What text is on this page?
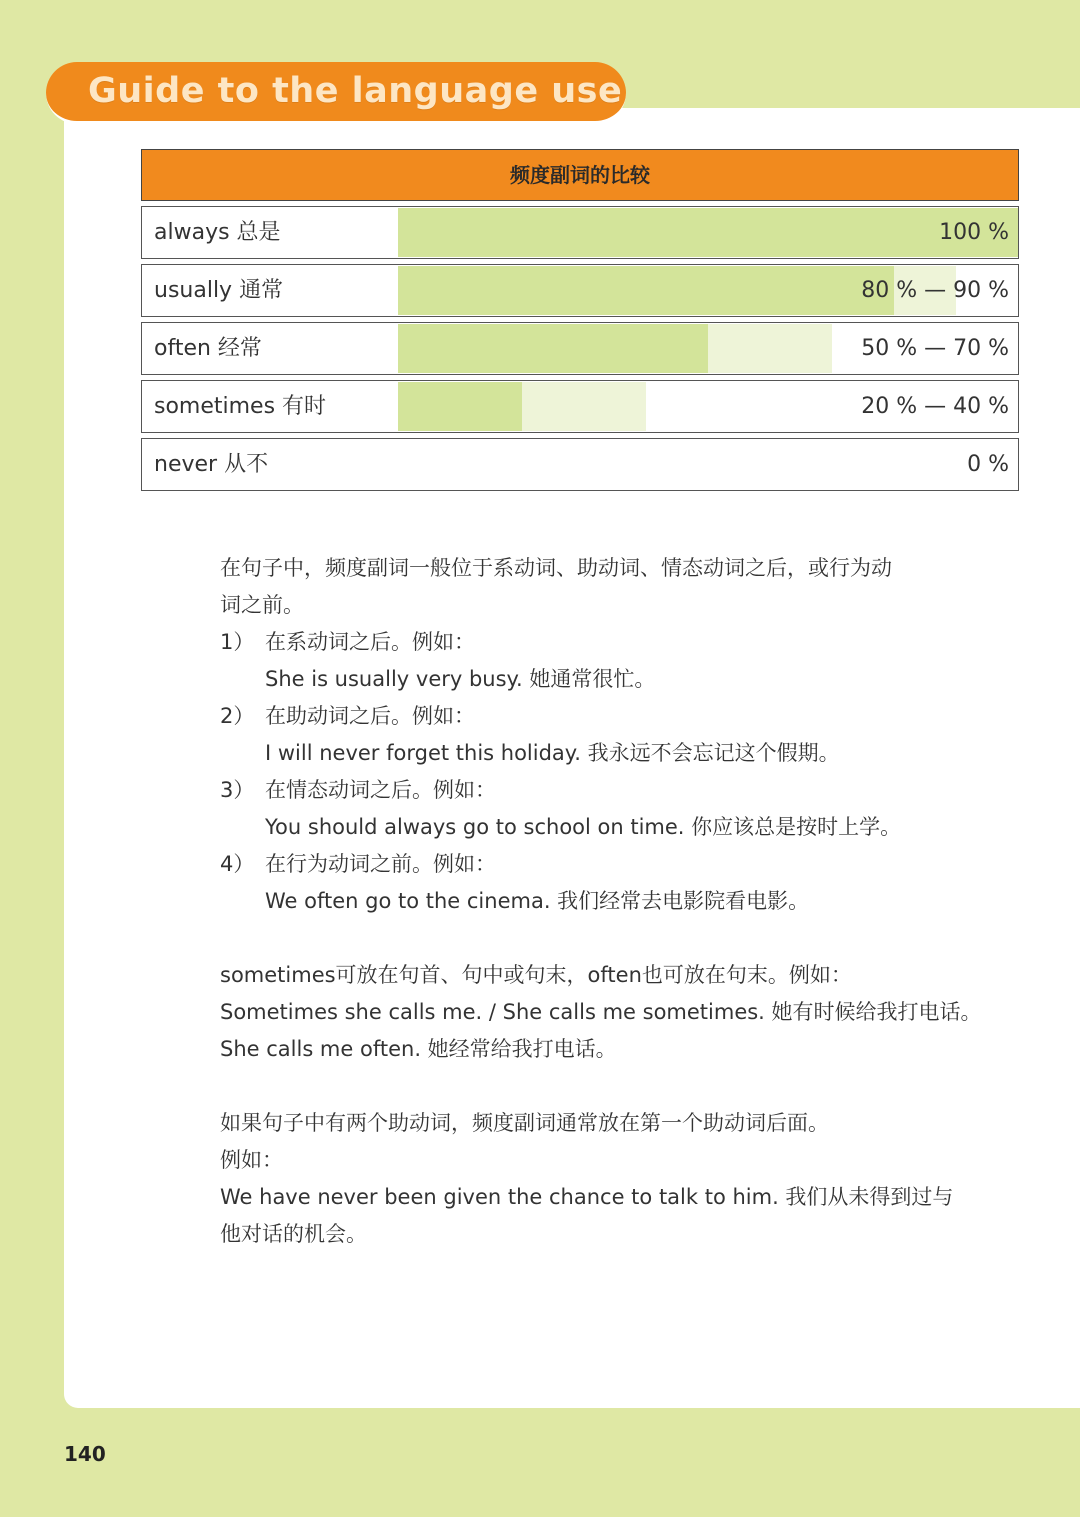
Guide to the language use
频度副词的比较
always 总是	100 %
usually 通常	80 % — 90 %
often 经常	50 % — 70 %
sometimes 有时	20 % — 40 %
never 从不	0 %

在句子中，频度副词一般位于系动词、助动词、情态动词之后，或行为动

词之前。

1） 在系动词之后。例如：

She is usually very busy. 她通常很忙。

2） 在助动词之后。例如：

I will never forget this holiday. 我永远不会忘记这个假期。

3） 在情态动词之后。例如：

You should always go to school on time. 你应该总是按时上学。

4） 在行为动词之前。例如：

We often go to the cinema. 我们经常去电影院看电影。

sometimes可放在句首、句中或句末，often也可放在句末。例如：

Sometimes she calls me. / She calls me sometimes. 她有时候给我打电话。

She calls me often. 她经常给我打电话。

如果句子中有两个助动词，频度副词通常放在第一个助动词后面。

例如：

We have never been given the chance to talk to him. 我们从未得到过与

他对话的机会。

140
